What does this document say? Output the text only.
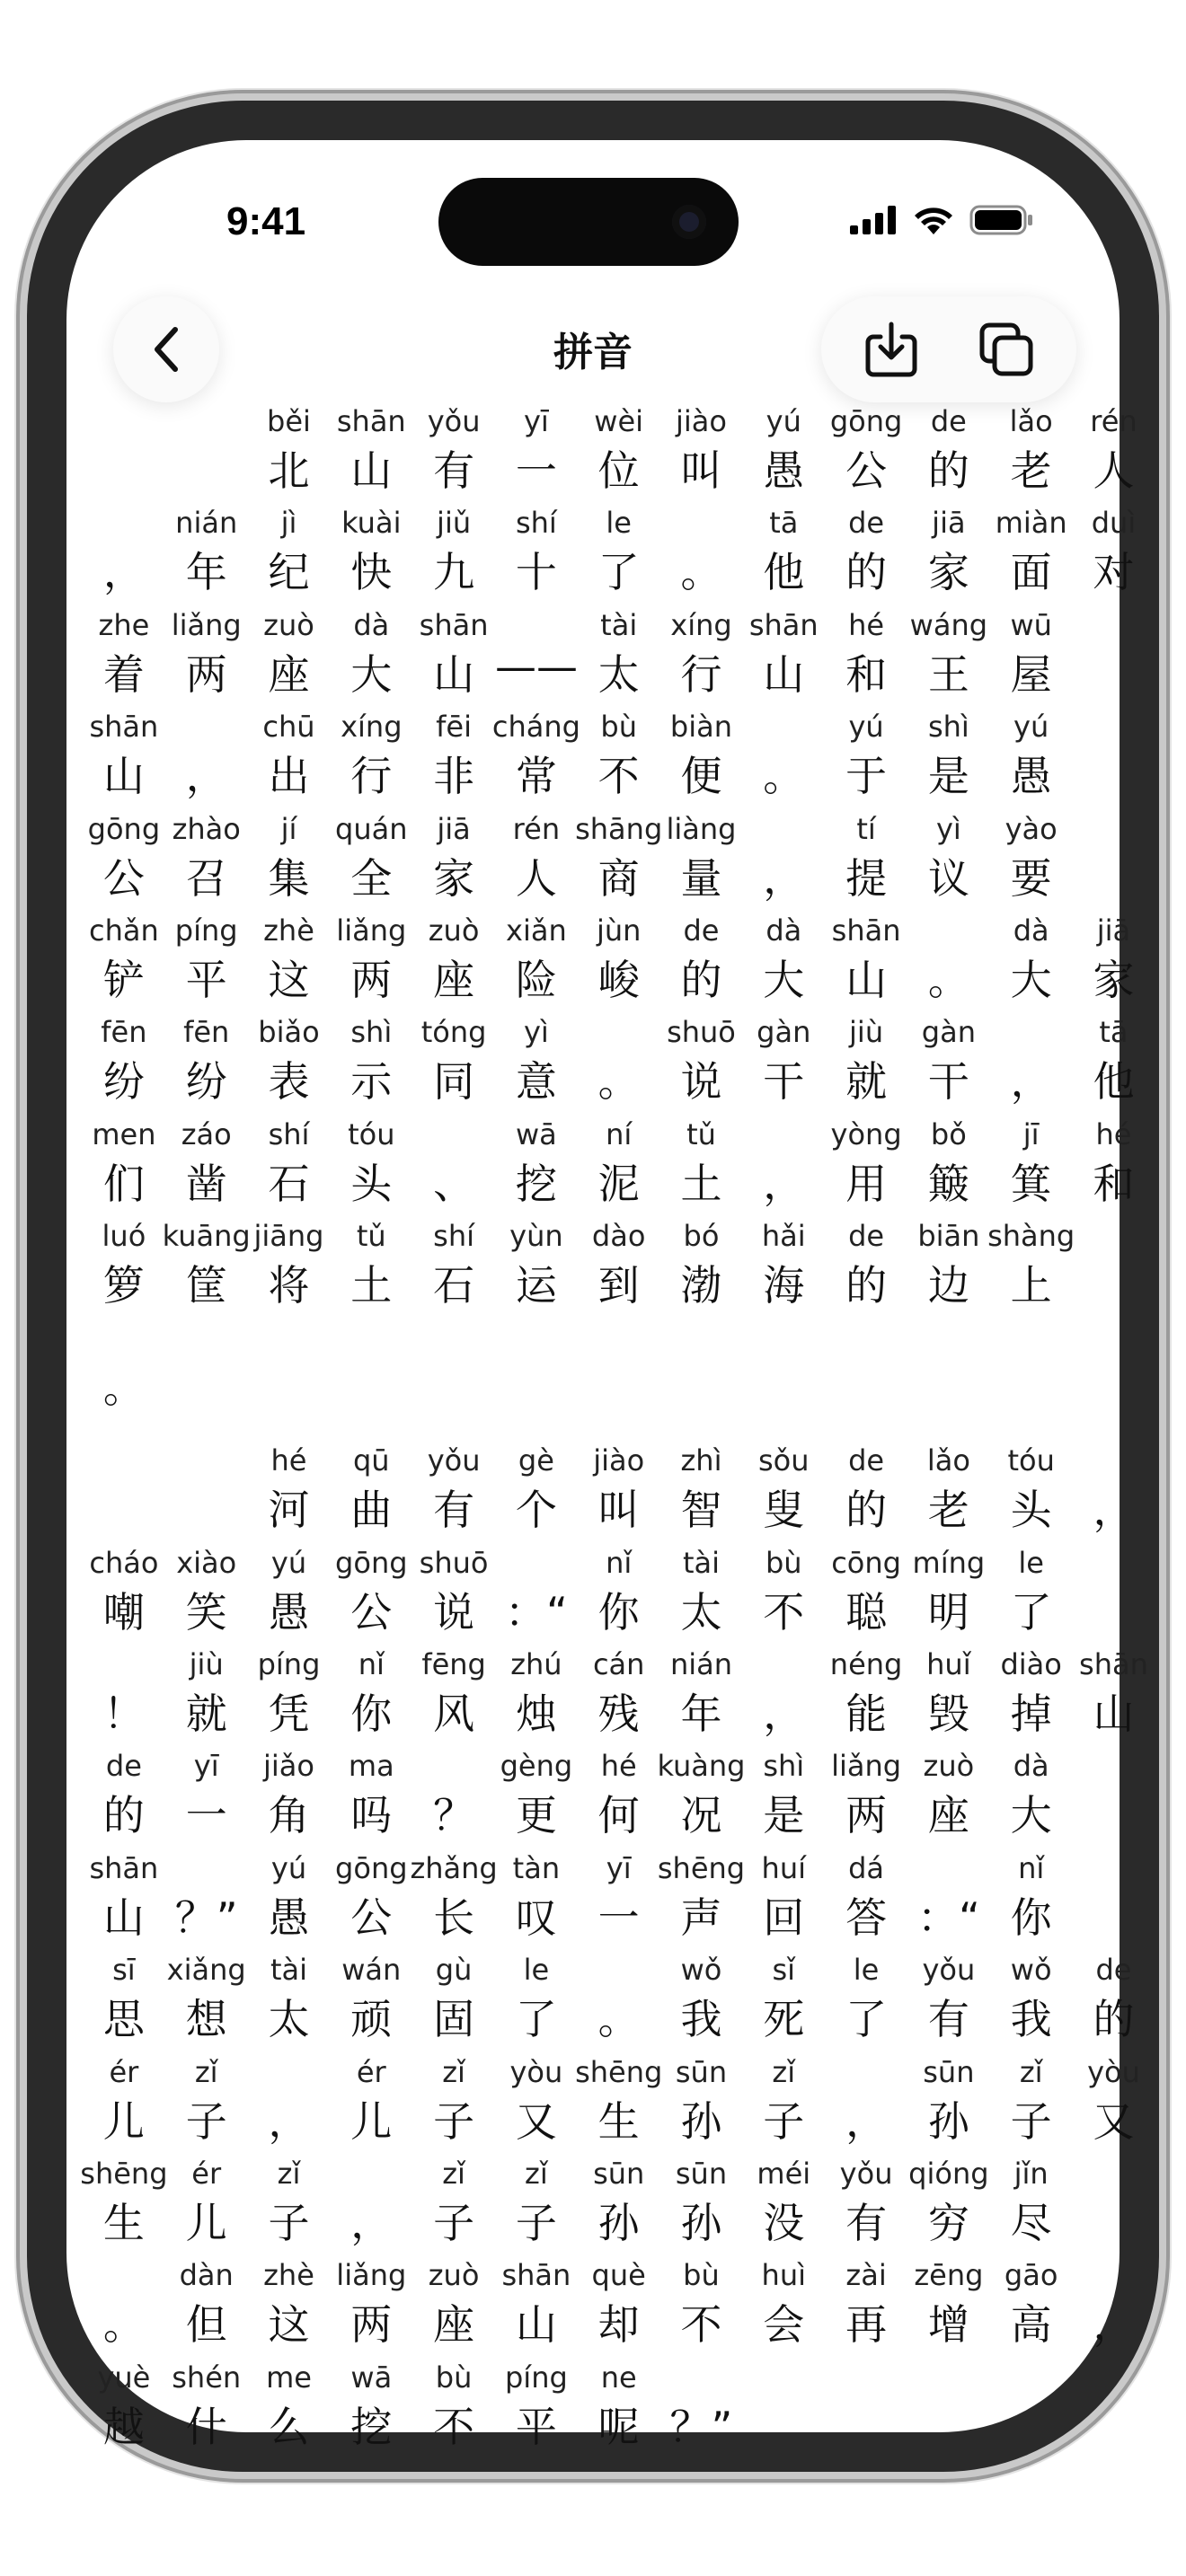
9:41
拼音
běi
北
shān
山
yǒu
有
yī
一
wèi
位
jiào
叫
yú
愚
gōng
公
de
的
lǎo
老
rén
人
，
nián
年
jì
纪
kuài
快
jiǔ
九
shí
十
le
了 。
tā
他
de
的
jiā
家
miàn
面
duì
对
zhe
着
liǎng
两
zuò
座
dà
大
shān
山 ——
tài
太
xíng
行
shān
山
hé
和
wáng
王
wū
屋
shān
山 ，
chū
出
xíng
行
fēi
非
cháng
常
bù
不
biàn
便 。
yú
于
shì
是
yú
愚
gōng
公
zhào
召
jí
集
quán
全
jiā
家
rén
人
shāng
商
liàng
量 ，
tí
提
yì
议
yào
要
chǎn
铲
píng
平
zhè
这
liǎng
两
zuò
座
xiǎn
险
jùn
峻
de
的
dà
大
shān
山 。
dà
大
jiā
家
fēn
纷
fēn
纷
biǎo
表
shì
示
tóng
同
yì
意 。
shuō
说
gàn
干
jiù
就
gàn
干 ，
tā
他
men
们
záo
凿
shí
石
tóu
头 、
wā
挖
ní
泥
tǔ
土 ，
yòng
用
bǒ
簸
jī
箕
hé
和
luó
箩
kuāng
筐
jiāng
将
tǔ
土
shí
石
yùn
运
dào
到
bó
渤
hǎi
海
de
的
biān
边
shàng
上
。
hé
河
qū
曲
yǒu
有
gè
个
jiào
叫
zhì
智
sǒu
叟
de
的
lǎo
老
tóu
头 ，
cháo
嘲
xiào
笑
yú
愚
gōng
公
shuō
说 ：“
nǐ
你
tài
太
bù
不
cōng
聪
míng
明
le
了
！
jiù
就
píng
凭
nǐ
你
fēng
风
zhú
烛
cán
残
nián
年 ，
néng
能
huǐ
毁
diào
掉
shān
山
de
的
yī
一
jiǎo
角
ma
吗 ？
gèng
更
hé
何
kuàng
况
shì
是
liǎng
两
zuò
座
dà
大
shān
山 ？”
yú
愚
gōng
公
zhǎng
长
tàn
叹
yī
一
shēng
声
huí
回
dá
答 ：“
nǐ
你
sī
思
xiǎng
想
tài
太
wán
顽
gù
固
le
了 。
wǒ
我
sǐ
死
le
了
yǒu
有
wǒ
我
de
的
ér
儿
zǐ
子 ，
ér
儿
zǐ
子
yòu
又
shēng
生
sūn
孙
zǐ
子 ，
sūn
孙
zǐ
子
yòu
又
shēng
生
ér
儿
zǐ
子 ，
zǐ
子
zǐ
子
sūn
孙
sūn
孙
méi
没
yǒu
有
qióng
穷
jǐn
尽
。
dàn
但
zhè
这
liǎng
两
zuò
座
shān
山
què
却
bù
不
huì
会
zài
再
zēng
增
gāo
高 ，
yuè
越
shén
什
me
么
wā
挖
bù
不
píng
平
ne
呢 ？”
